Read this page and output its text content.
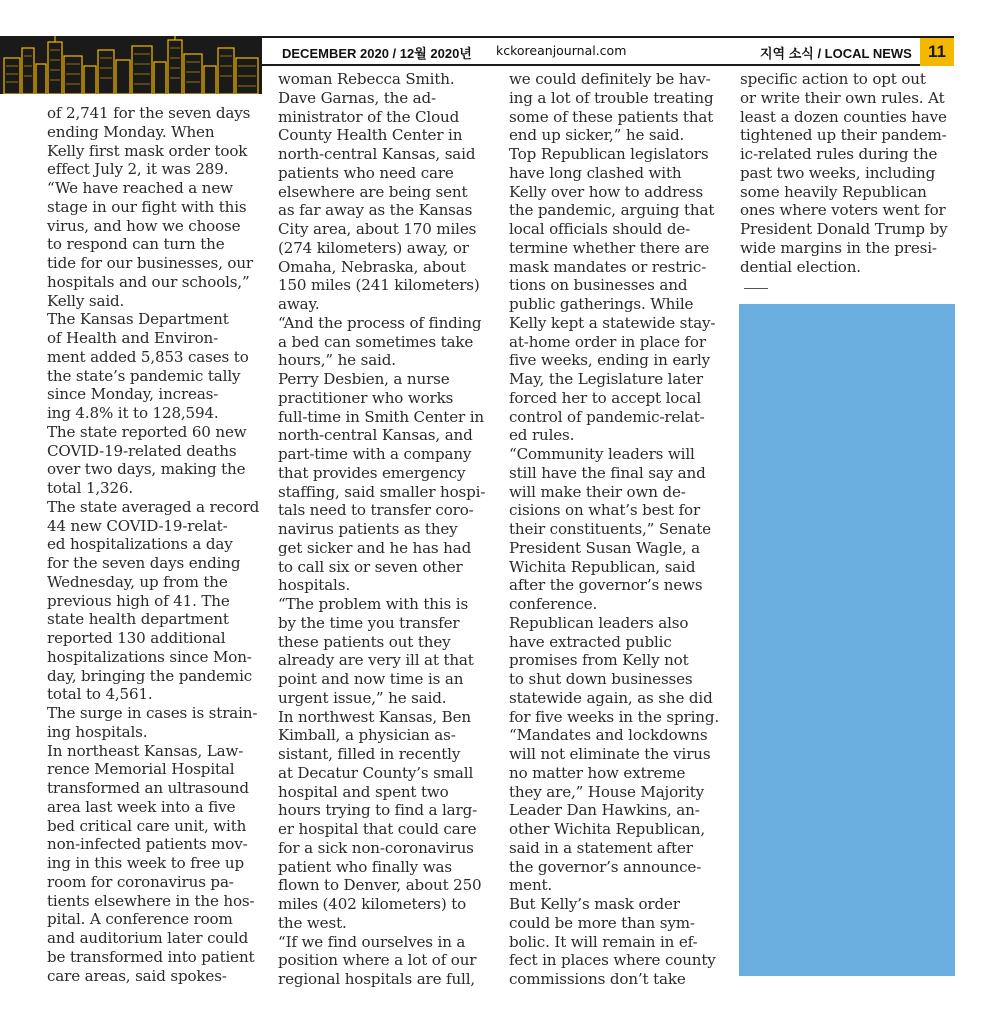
DECEMBER 2020 / 12월 2020년 kckoreanjournal.com	지역 소식 / LOCAL NEWS 11

of 2,741 for the seven days

ending Monday. When

Kelly first mask order took

effect July 2, it was 289.

“We have reached a new

stage in our fight with this

virus, and how we choose

to respond can turn the

tide for our businesses, our

hospitals and our schools,”

Kelly said.

The Kansas Department

of Health and Environ-

ment added 5,853 cases to

the state’s pandemic tally

since Monday, increas-

ing 4.8% it to 128,594.

The state reported 60 new

COVID-19-related deaths

over two days, making the

total 1,326.

The state averaged a record

44 new COVID-19-relat-

ed hospitalizations a day

for the seven days ending

Wednesday, up from the

previous high of 41. The

state health department

reported 130 additional

hospitalizations since Mon-

day, bringing the pandemic

total to 4,561.

The surge in cases is strain-

ing hospitals.

In northeast Kansas, Law-

rence Memorial Hospital

transformed an ultrasound

area last week into a five

bed critical care unit, with

non-infected patients mov-

ing in this week to free up

room for coronavirus pa-

tients elsewhere in the hos-

pital. A conference room

and auditorium later could

be transformed into patient

care areas, said spokes-

woman Rebecca Smith.

Dave Garnas, the ad-

ministrator of the Cloud

County Health Center in

north-central Kansas, said

patients who need care

elsewhere are being sent

as far away as the Kansas

City area, about 170 miles

(274 kilometers) away, or

Omaha, Nebraska, about

150 miles (241 kilometers)

away.

“And the process of finding

a bed can sometimes take

hours,” he said.

Perry Desbien, a nurse

practitioner who works

full-time in Smith Center in

north-central Kansas, and

part-time with a company

that provides emergency

staffing, said smaller hospi-

tals need to transfer coro-

navirus patients as they

get sicker and he has had

to call six or seven other

hospitals.

“The problem with this is

by the time you transfer

these patients out they

already are very ill at that

point and now time is an

urgent issue,” he said.

In northwest Kansas, Ben

Kimball, a physician as-

sistant, filled in recently

at Decatur County’s small

hospital and spent two

hours trying to find a larg-

er hospital that could care

for a sick non-coronavirus

patient who finally was

flown to Denver, about 250

miles (402 kilometers) to

the west.

“If we find ourselves in a

position where a lot of our

regional hospitals are full,

we could definitely be hav-

ing a lot of trouble treating

some of these patients that

end up sicker,” he said.

Top Republican legislators

have long clashed with

Kelly over how to address

the pandemic, arguing that

local officials should de-

termine whether there are

mask mandates or restric-

tions on businesses and

public gatherings. While

Kelly kept a statewide stay-

at-home order in place for

five weeks, ending in early

May, the Legislature later

forced her to accept local

control of pandemic-relat-

ed rules.

“Community leaders will

still have the final say and

will make their own de-

cisions on what’s best for

their constituents,” Senate

President Susan Wagle, a

Wichita Republican, said

after the governor’s news

conference.

Republican leaders also

have extracted public

promises from Kelly not

to shut down businesses

statewide again, as she did

for five weeks in the spring.

“Mandates and lockdowns

will not eliminate the virus

no matter how extreme

they are,” House Majority

Leader Dan Hawkins, an-

other Wichita Republican,

said in a statement after

the governor’s announce-

ment.

But Kelly’s mask order

could be more than sym-

bolic. It will remain in ef-

fect in places where county

commissions don’t take

specific action to opt out

or write their own rules. At

least a dozen counties have

tightened up their pandem-

ic-related rules during the

past two weeks, including

some heavily Republican

ones where voters went for

President Donald Trump by

wide margins in the presi-

dential election.
